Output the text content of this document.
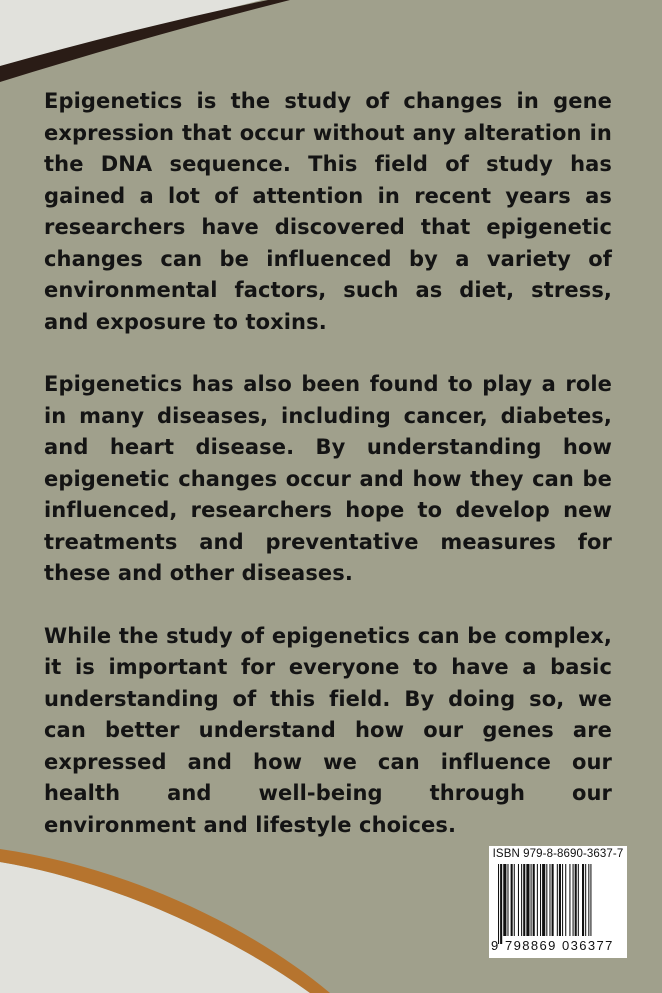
Epigenetics is the study of changes in gene expression that occur without any alteration in the DNA sequence. This field of study has gained a lot of attention in recent years as researchers have discovered that epigenetic changes can be influenced by a variety of environmental factors, such as diet, stress, and exposure to toxins.

Epigenetics has also been found to play a role in many diseases, including cancer, diabetes, and heart disease. By understanding how epigenetic changes occur and how they can be influenced, researchers hope to develop new treatments and preventative measures for these and other diseases.

While the study of epigenetics can be complex, it is important for everyone to have a basic understanding of this field. By doing so, we can better understand how our genes are expressed and how we can influence our health and well-being through our environment and lifestyle choices.

ISBN 979-8-8690-3637-7
9 798869 036377
